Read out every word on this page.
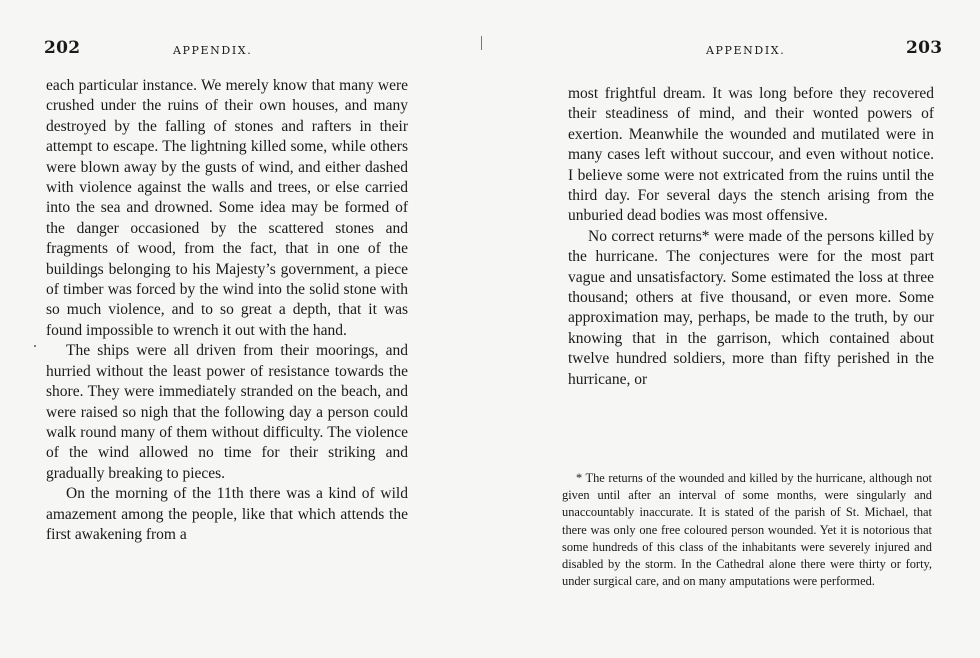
202	APPENDIX.

each particular instance. We merely know that many were crushed under the ruins of their own houses, and many destroyed by the falling of stones and rafters in their attempt to escape. The lightning killed some, while others were blown away by the gusts of wind, and either dashed with violence against the walls and trees, or else carried into the sea and drowned. Some idea may be formed of the danger occasioned by the scattered stones and fragments of wood, from the fact, that in one of the buildings belonging to his Majesty’s government, a piece of timber was forced by the wind into the solid stone with so much violence, and to so great a depth, that it was found impossible to wrench it out with the hand.

The ships were all driven from their moorings, and hurried without the least power of resistance towards the shore. They were immediately stranded on the beach, and were raised so nigh that the following day a person could walk round many of them without difficulty. The violence of the wind allowed no time for their striking and gradually breaking to pieces.

On the morning of the 11th there was a kind of wild amazement among the people, like that which attends the first awakening from a

APPENDIX.	203

most frightful dream. It was long before they recovered their steadiness of mind, and their wonted powers of exertion. Meanwhile the wounded and mutilated were in many cases left without succour, and even without notice. I believe some were not extricated from the ruins until the third day. For several days the stench arising from the unburied dead bodies was most offensive.

No correct returns* were made of the persons killed by the hurricane. The conjectures were for the most part vague and unsatisfactory. Some estimated the loss at three thousand; others at five thousand, or even more. Some approximation may, perhaps, be made to the truth, by our knowing that in the garrison, which contained about twelve hundred soldiers, more than fifty perished in the hurricane, or

* The returns of the wounded and killed by the hurricane, although not given until after an interval of some months, were singularly and unaccountably inaccurate. It is stated of the parish of St. Michael, that there was only one free coloured person wounded. Yet it is notorious that some hundreds of this class of the inhabitants were severely injured and disabled by the storm. In the Cathedral alone there were thirty or forty, under surgical care, and on many amputations were performed.
